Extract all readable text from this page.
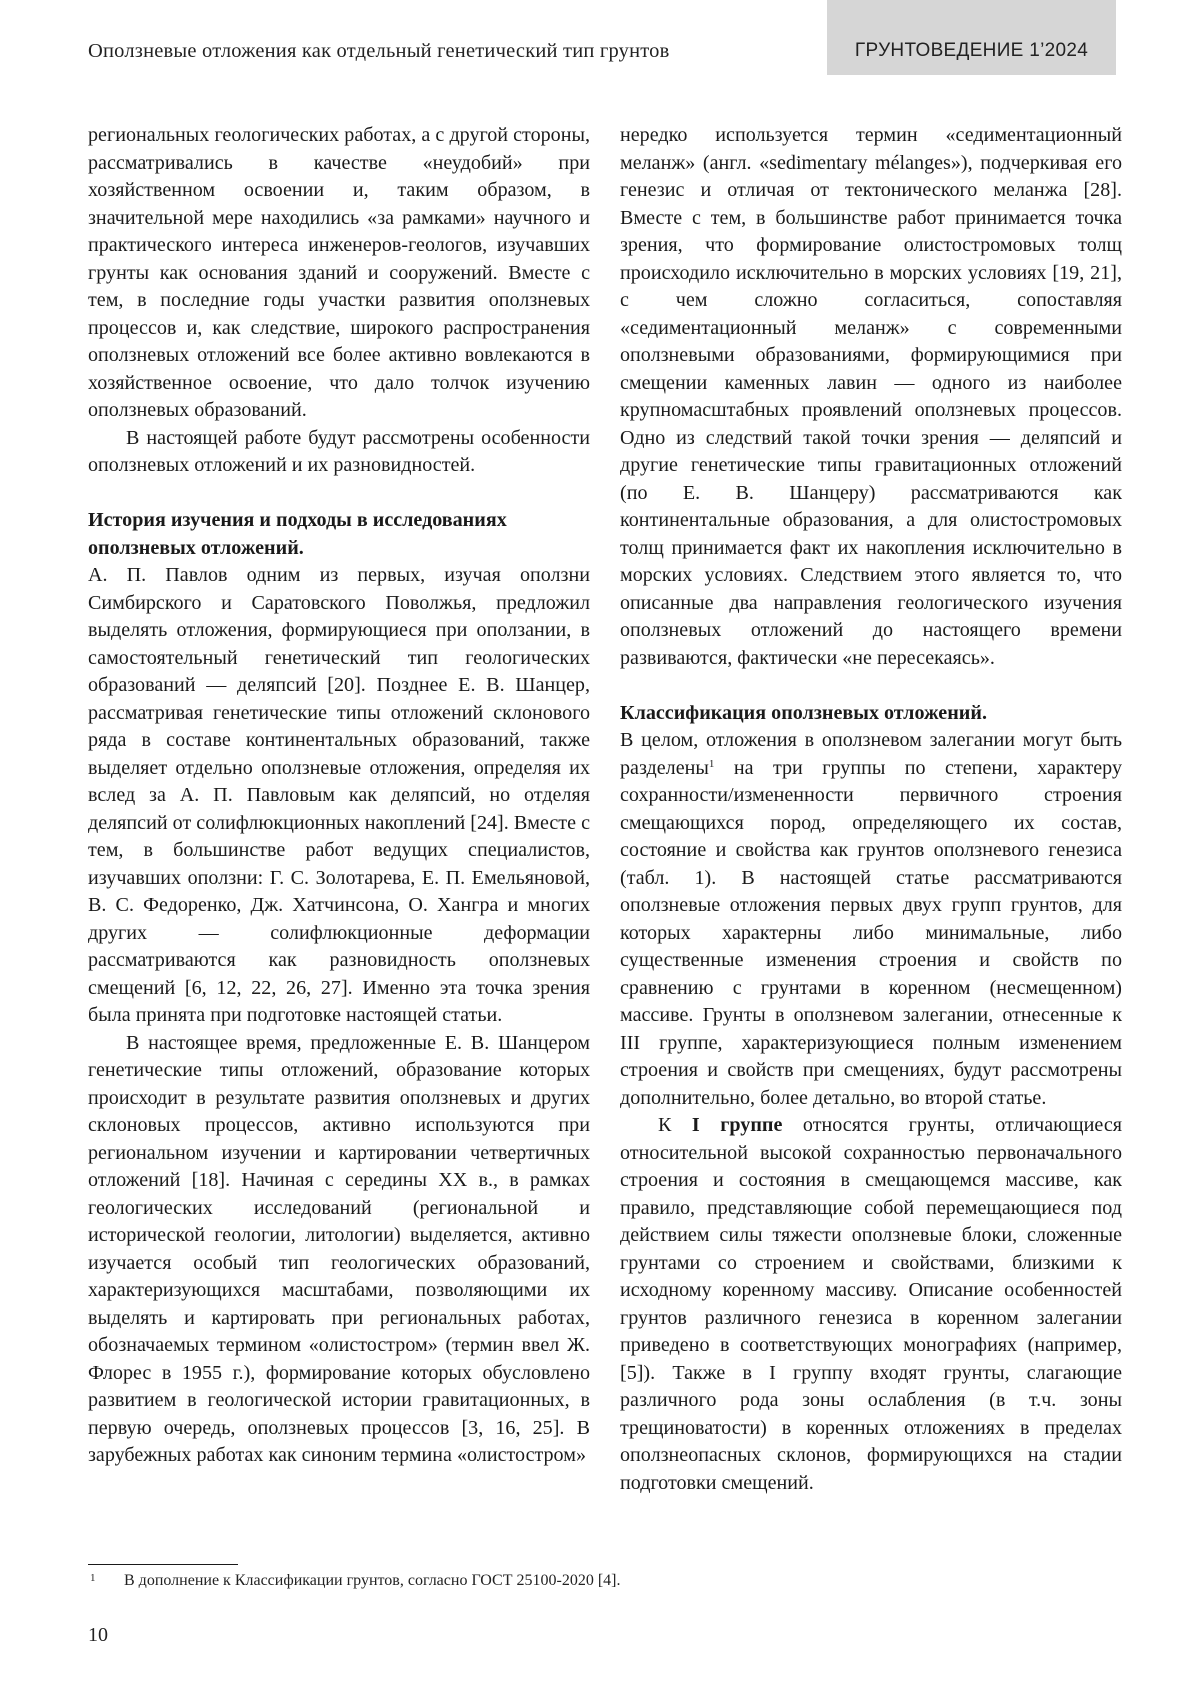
Оползневые отложения как отдельный генетический тип грунтов	ГРУНТОВЕДЕНИЕ 1’2024

региональных геологических работах, а с другой стороны, рассматривались в качестве «неудобий» при хозяйственном освоении и, таким образом, в значительной мере находились «за рамками» научного и практического интереса инженеров-геологов, изучавших грунты как основания зданий и сооружений. Вместе с тем, в последние годы участки развития оползневых процессов и, как следствие, широкого распространения оползневых отложений все более активно вовлекаются в хозяйственное освоение, что дало толчок изучению оползневых образований.

В настоящей работе будут рассмотрены особенности оползневых отложений и их разновидностей.

История изучения и подходы в исследованиях оползневых отложений.

А. П. Павлов одним из первых, изучая оползни Симбирского и Саратовского Поволжья, предложил выделять отложения, формирующиеся при оползании, в самостоятельный генетический тип геологических образований — деляпсий [20]. Позднее Е. В. Шанцер, рассматривая генетические типы отложений склонового ряда в составе континентальных образований, также выделяет отдельно оползневые отложения, определяя их вслед за А. П. Павловым как деляпсий, но отделяя деляпсий от солифлюкционных накоплений [24]. Вместе с тем, в большинстве работ ведущих специалистов, изучавших оползни: Г. С. Золотарева, Е. П. Емельяновой, В. С. Федоренко, Дж. Хатчинсона, О. Хангра и многих других — солифлюкционные деформации рассматриваются как разновидность оползневых смещений [6, 12, 22, 26, 27]. Именно эта точка зрения была принята при подготовке настоящей статьи.

В настоящее время, предложенные Е. В. Шанцером генетические типы отложений, образование которых происходит в результате развития оползневых и других склоновых процессов, активно используются при региональном изучении и картировании четвертичных отложений [18]. Начиная с середины XX в., в рамках геологических исследований (региональной и исторической геологии, литологии) выделяется, активно изучается особый тип геологических образований, характеризующихся масштабами, позволяющими их выделять и картировать при региональных работах, обозначаемых термином «олистостром» (термин ввел Ж. Флорес в 1955 г.), формирование которых обусловлено развитием в геологической истории гравитационных, в первую очередь, оползневых процессов [3, 16, 25]. В зарубежных работах как синоним термина «олистостром»

нередко используется термин «седиментационный меланж» (англ. «sedimentary mélanges»), подчеркивая его генезис и отличая от тектонического меланжа [28]. Вместе с тем, в большинстве работ принимается точка зрения, что формирование олистостромовых толщ происходило исключительно в морских условиях [19, 21], с чем сложно согласиться, сопоставляя «седиментационный меланж» с современными оползневыми образованиями, формирующимися при смещении каменных лавин — одного из наиболее крупномасштабных проявлений оползневых процессов. Одно из следствий такой точки зрения — деляпсий и другие генетические типы гравитационных отложений (по Е. В. Шанцеру) рассматриваются как континентальные образования, а для олистостромовых толщ принимается факт их накопления исключительно в морских условиях. Следствием этого является то, что описанные два направления геологического изучения оползневых отложений до настоящего времени развиваются, фактически «не пересекаясь».

Классификация оползневых отложений.

В целом, отложения в оползневом залегании могут быть разделены$^1$ на три группы по степени, характеру сохранности/измененности первичного строения смещающихся пород, определяющего их состав, состояние и свойства как грунтов оползневого генезиса (табл. 1). В настоящей статье рассматриваются оползневые отложения первых двух групп грунтов, для которых характерны либо минимальные, либо существенные изменения строения и свойств по сравнению с грунтами в коренном (несмещенном) массиве. Грунты в оползневом залегании, отнесенные к III группе, характеризующиеся полным изменением строения и свойств при смещениях, будут рассмотрены дополнительно, более детально, во второй статье.

К I группе относятся грунты, отличающиеся относительной высокой сохранностью первоначального строения и состояния в смещающемся массиве, как правило, представляющие собой перемещающиеся под действием силы тяжести оползневые блоки, сложенные грунтами со строением и свойствами, близкими к исходному коренному массиву. Описание особенностей грунтов различного генезиса в коренном залегании приведено в соответствующих монографиях (например, [5]). Также в I группу входят грунты, слагающие различного рода зоны ослабления (в т.ч. зоны трещиноватости) в коренных отложениях в пределах оползнеопасных склонов, формирующихся на стадии подготовки смещений.

1 В дополнение к Классификации грунтов, согласно ГОСТ 25100-2020 [4].
10
